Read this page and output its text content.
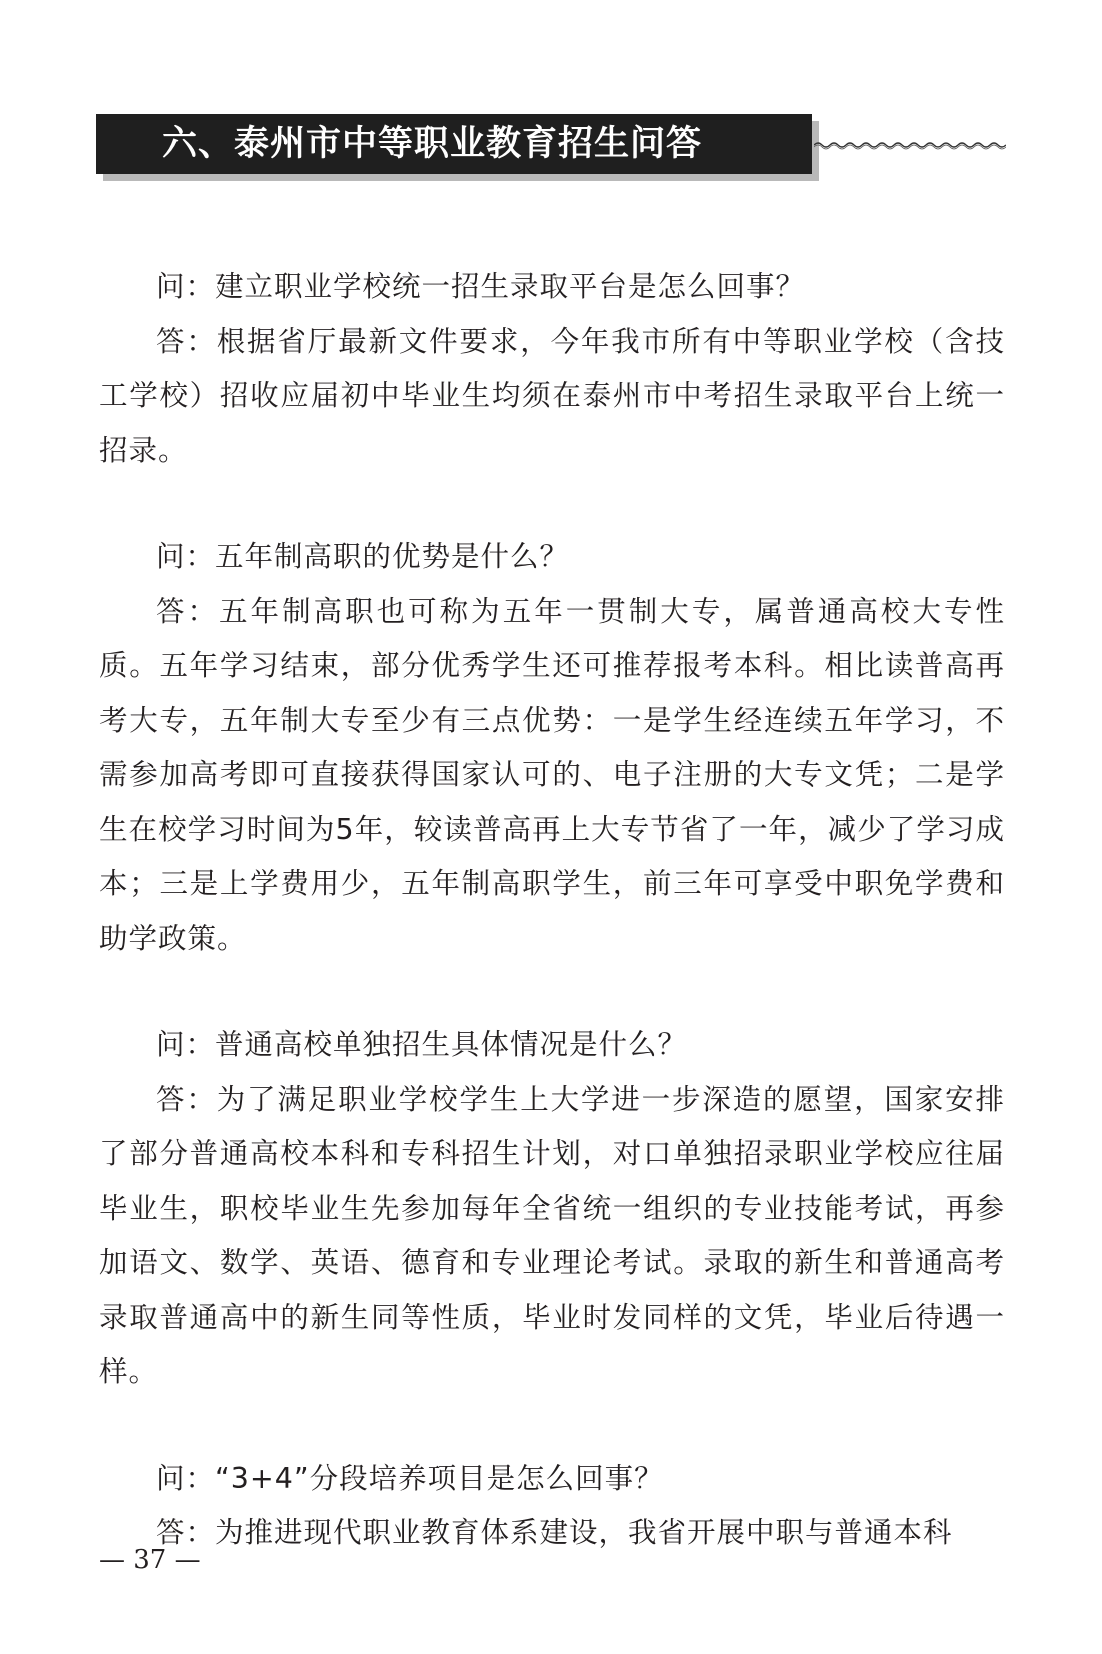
六、泰州市中等职业教育招生问答

问：建立职业学校统一招生录取平台是怎么回事？

答：根据省厅最新文件要求，今年我市所有中等职业学校（含技工学校）招收应届初中毕业生均须在泰州市中考招生录取平台上统一招录。

问：五年制高职的优势是什么？

答：五年制高职也可称为五年一贯制大专，属普通高校大专性质。五年学习结束，部分优秀学生还可推荐报考本科。相比读普高再考大专，五年制大专至少有三点优势：一是学生经连续五年学习，不需参加高考即可直接获得国家认可的、电子注册的大专文凭；二是学生在校学习时间为5年，较读普高再上大专节省了一年，减少了学习成本；三是上学费用少，五年制高职学生，前三年可享受中职免学费和助学政策。

问：普通高校单独招生具体情况是什么？

答：为了满足职业学校学生上大学进一步深造的愿望，国家安排了部分普通高校本科和专科招生计划，对口单独招录职业学校应往届毕业生，职校毕业生先参加每年全省统一组织的专业技能考试，再参加语文、数学、英语、德育和专业理论考试。录取的新生和普通高考录取普通高中的新生同等性质，毕业时发同样的文凭，毕业后待遇一样。

问：“3+4”分段培养项目是怎么回事？

答：为推进现代职业教育体系建设，我省开展中职与普通本科

— 37 —
